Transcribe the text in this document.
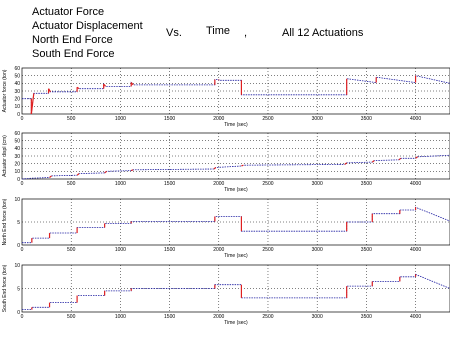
Actuator Force
Actuator Displacement
North End Force
South End Force
Vs. Time ,	All 12 Actuations
0
10
20
30
40
50
60
0	500	1000	1500	2000	2500	3000	3500	4000
Time (sec)
Actuator force (ton)
0
10
20
30
40
50
60
0	500	1000	1500	2000	2500	3000	3500	4000
Time (sec)
Actuator displ (cm)
0
5
10
0	500	1000	1500	2000	2500	3000	3500	4000
Time (sec)
North End force (ton)
0
5
10
0	500	1000	1500	2000	2500	3000	3500	4000
Time (sec)
South End force (ton)
